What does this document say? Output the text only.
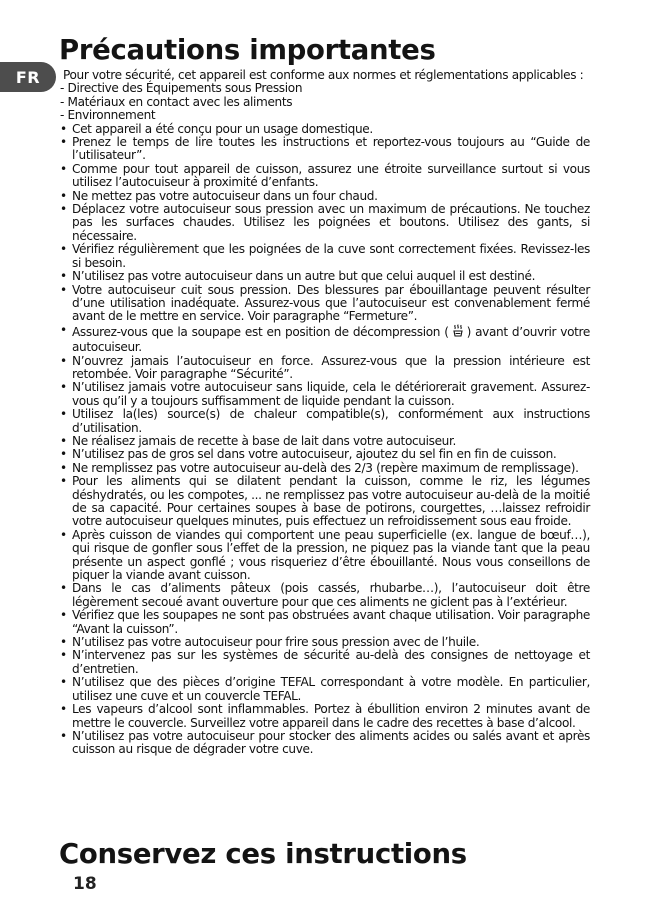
Précautions importantes
FR Pour votre sécurité, cet appareil est conforme aux normes et réglementations applicables :

- Directive des Équipements sous Pression

- Matériaux en contact avec les aliments

- Environnement

• Cet appareil a été conçu pour un usage domestique.
• Prenez le temps de lire toutes les instructions et reportez-vous toujours au “Guide de l’utilisateur”.
• Comme pour tout appareil de cuisson, assurez une étroite surveillance surtout si vous utilisez l’autocuiseur à proximité d’enfants.
• Ne mettez pas votre autocuiseur dans un four chaud.
• Déplacez votre autocuiseur sous pression avec un maximum de précautions. Ne touchez pas les surfaces chaudes. Utilisez les poignées et boutons. Utilisez des gants, si nécessaire.
• Vérifiez régulièrement que les poignées de la cuve sont correctement fixées. Revissez-les si besoin.
• N’utilisez pas votre autocuiseur dans un autre but que celui auquel il est destiné.
• Votre autocuiseur cuit sous pression. Des blessures par ébouillantage peuvent résulter d’une utilisation inadéquate. Assurez-vous que l’autocuiseur est convenablement fermé avant de le mettre en service. Voir paragraphe “Fermeture”.
• Assurez-vous que la soupape est en position de décompression ( ) avant d’ouvrir votre autocuiseur.
• N’ouvrez jamais l’autocuiseur en force. Assurez-vous que la pression intérieure est retombée. Voir paragraphe “Sécurité”.
• N’utilisez jamais votre autocuiseur sans liquide, cela le détériorerait gravement. Assurez-vous qu’il y a toujours suffisamment de liquide pendant la cuisson.
• Utilisez la(les) source(s) de chaleur compatible(s), conformément aux instructions d’utilisation.
• Ne réalisez jamais de recette à base de lait dans votre autocuiseur.
• N’utilisez pas de gros sel dans votre autocuiseur, ajoutez du sel fin en fin de cuisson.
• Ne remplissez pas votre autocuiseur au-delà des 2/3 (repère maximum de remplissage).
• Pour les aliments qui se dilatent pendant la cuisson, comme le riz, les légumes déshydratés, ou les compotes, ... ne remplissez pas votre autocuiseur au-delà de la moitié de sa capacité. Pour certaines soupes à base de potirons, courgettes, …laissez refroidir votre autocuiseur quelques minutes, puis effectuez un refroidissement sous eau froide.
• Après cuisson de viandes qui comportent une peau superficielle (ex. langue de bœuf…), qui risque de gonfler sous l’effet de la pression, ne piquez pas la viande tant que la peau présente un aspect gonflé ; vous risqueriez d’être ébouillanté. Nous vous conseillons de piquer la viande avant cuisson.
• Dans le cas d’aliments pâteux (pois cassés, rhubarbe…), l’autocuiseur doit être légèrement secoué avant ouverture pour que ces aliments ne giclent pas à l’extérieur.
• Vérifiez que les soupapes ne sont pas obstruées avant chaque utilisation. Voir paragraphe “Avant la cuisson”.
• N’utilisez pas votre autocuiseur pour frire sous pression avec de l’huile.
• N’intervenez pas sur les systèmes de sécurité au-delà des consignes de nettoyage et d’entretien.
• N’utilisez que des pièces d’origine TEFAL correspondant à votre modèle. En particulier, utilisez une cuve et un couvercle TEFAL.
• Les vapeurs d’alcool sont inflammables. Portez à ébullition environ 2 minutes avant de mettre le couvercle. Surveillez votre appareil dans le cadre des recettes à base d’alcool.
• N’utilisez pas votre autocuiseur pour stocker des aliments acides ou salés avant et après cuisson au risque de dégrader votre cuve.
Conservez ces instructions
18
